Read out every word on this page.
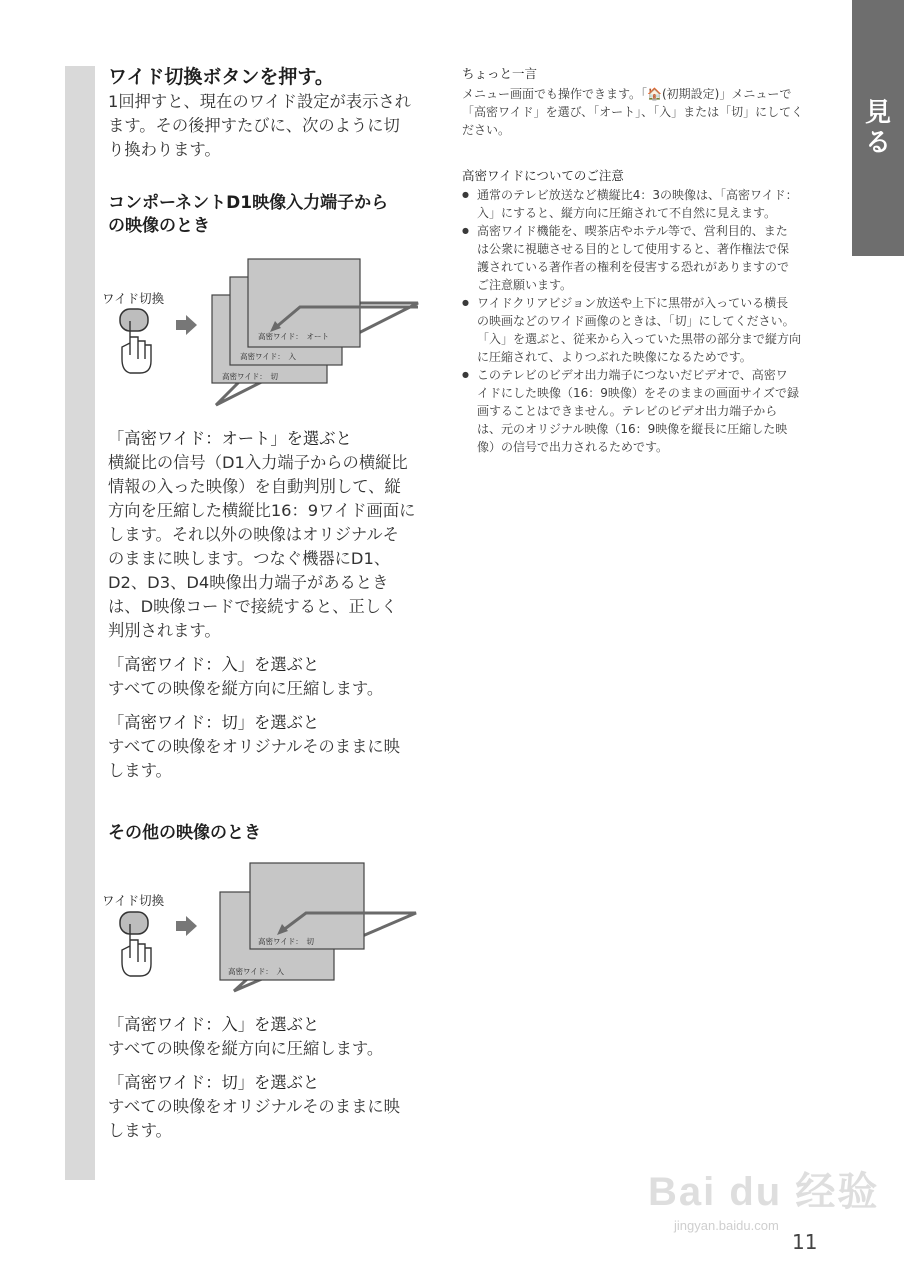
見る
ワイド切換ボタンを押す。
1回押すと、現在のワイド設定が表示され
ます。その後押すたびに、次のように切
り換わります。
コンポーネントD1映像入力端子から
の映像のとき
ワイド切換
高密ワイド：　オート
高密ワイド：　入
高密ワイド：　切
「高密ワイド：オート」を選ぶと
横縦比の信号（D1入力端子からの横縦比
情報の入った映像）を自動判別して、縦
方向を圧縮した横縦比16：9ワイド画面に
します。それ以外の映像はオリジナルそ
のままに映します。つなぐ機器にD1、
D2、D3、D4映像出力端子があるとき
は、D映像コードで接続すると、正しく
判別されます。
「高密ワイド：入」を選ぶと
すべての映像を縦方向に圧縮します。
「高密ワイド：切」を選ぶと
すべての映像をオリジナルそのままに映
します。
その他の映像のとき
ワイド切換
高密ワイド：　切
高密ワイド：　入
「高密ワイド：入」を選ぶと
すべての映像を縦方向に圧縮します。
「高密ワイド：切」を選ぶと
すべての映像をオリジナルそのままに映
します。
ちょっと一言
メニュー画面でも操作できます。「🏠(初期設定)」メニューで
「高密ワイド」を選び、「オート」、「入」または「切」にしてく
ださい。
高密ワイドについてのご注意
● 通常のテレビ放送など横縦比4：3の映像は、「高密ワイド：
入」にすると、縦方向に圧縮されて不自然に見えます。
● 高密ワイド機能を、喫茶店やホテル等で、営利目的、また
は公衆に視聴させる目的として使用すると、著作権法で保
護されている著作者の権利を侵害する恐れがありますので
ご注意願います。
● ワイドクリアビジョン放送や上下に黒帯が入っている横長
の映画などのワイド画像のときは、「切」にしてください。
「入」を選ぶと、従来から入っていた黒帯の部分まで縦方向
に圧縮されて、よりつぶれた映像になるためです。
● このテレビのビデオ出力端子につないだビデオで、高密ワ
イドにした映像（16：9映像）をそのままの画面サイズで録
画することはできません。テレビのビデオ出力端子から
は、元のオリジナル映像（16：9映像を縦長に圧縮した映
像）の信号で出力されるためです。
Bai du 经验
jingyan.baidu.com
11
